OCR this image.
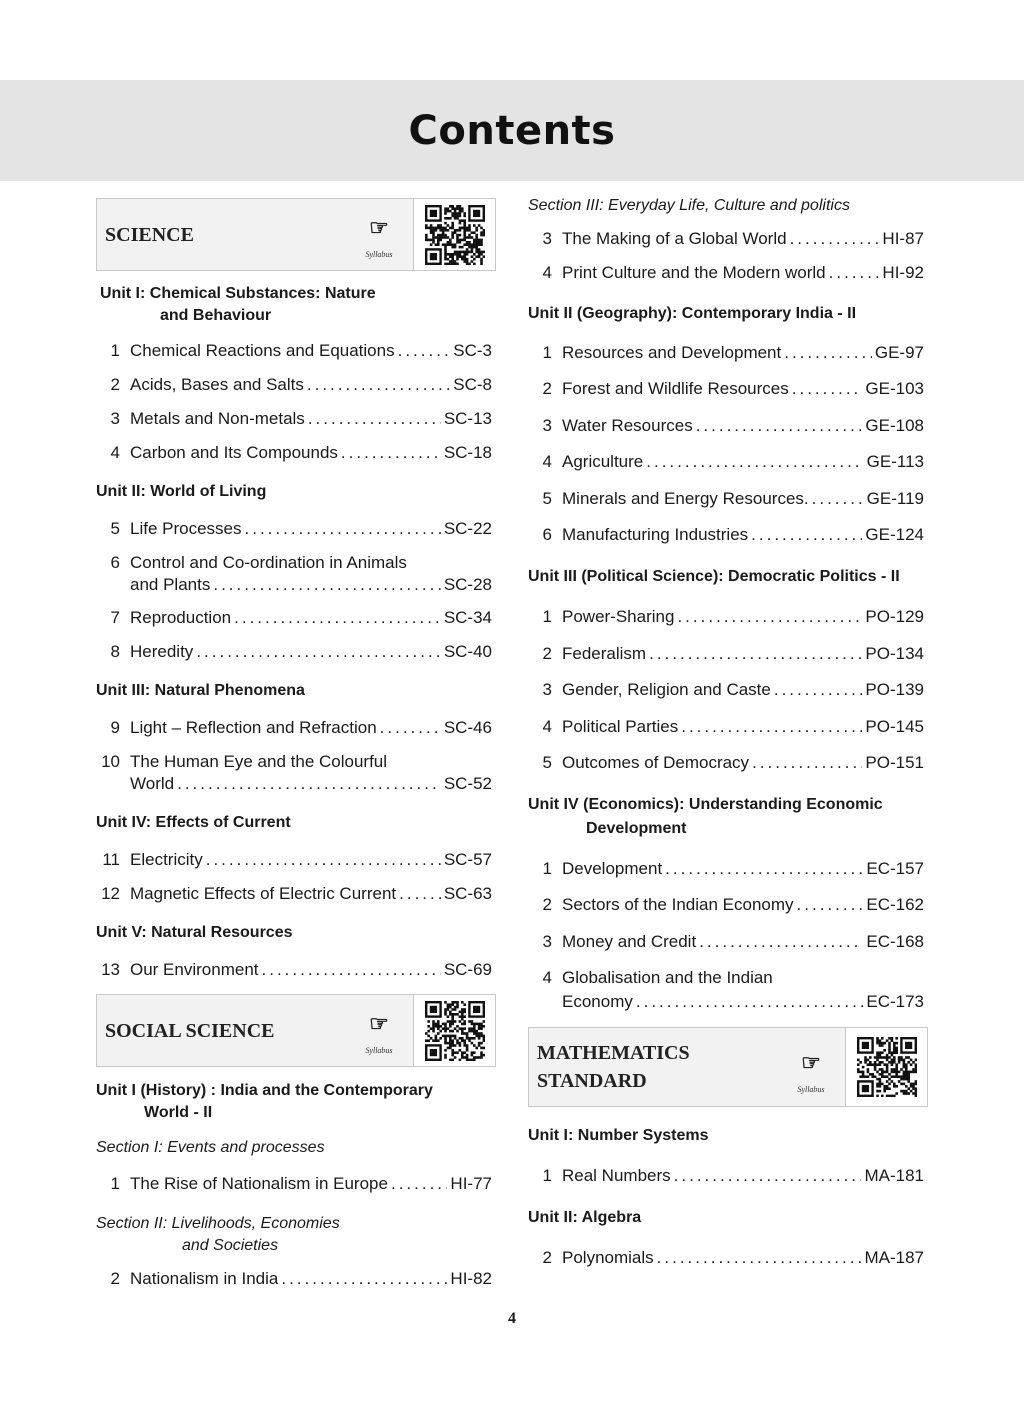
Contents
SCIENCE	☞
Syllabus
Unit I: Chemical Substances: Nature
and Behaviour
1 Chemical Reactions and Equations .....	SC-3
2 Acids, Bases and Salts .....	SC-8
3 Metals and Non-metals .....	SC-13
4 Carbon and Its Compounds .....	SC-18
Unit II: World of Living
5 Life Processes .....	SC-22
6 Control and Co-ordination in Animals
and Plants .....	SC-28
7 Reproduction .....	SC-34
8 Heredity .....	SC-40
Unit III: Natural Phenomena
9 Light – Reflection and Refraction .....	SC-46
10 The Human Eye and the Colourful
World .....	SC-52
Unit IV: Effects of Current
11 Electricity .....	SC-57
12 Magnetic Effects of Electric Current .....	SC-63
Unit V: Natural Resources
13 Our Environment .....	SC-69
SOCIAL SCIENCE	☞
Syllabus
Unit I (History) : India and the Contemporary
World - II
Section I: Events and processes
1 The Rise of Nationalism in Europe .....	HI-77
Section II: Livelihoods, Economies
and Societies
2 Nationalism in India .....	HI-82
Section III: Everyday Life, Culture and politics
3 The Making of a Global World .....	HI-87
4 Print Culture and the Modern world .....	HI-92
Unit II (Geography): Contemporary India - II
1 Resources and Development .....	GE-97
2 Forest and Wildlife Resources .....	GE-103
3 Water Resources .....	GE-108
4 Agriculture .....	GE-113
5 Minerals and Energy Resources. .....	GE-119
6 Manufacturing Industries .....	GE-124
Unit III (Political Science): Democratic Politics - II
1 Power-Sharing .....	PO-129
2 Federalism .....	PO-134
3 Gender, Religion and Caste .....	PO-139
4 Political Parties .....	PO-145
5 Outcomes of Democracy .....	PO-151
Unit IV (Economics): Understanding Economic
Development
1 Development .....	EC-157
2 Sectors of the Indian Economy .....	EC-162
3 Money and Credit .....	EC-168
4 Globalisation and the Indian
Economy .....	EC-173
MATHEMATICS
STANDARD
☞
Syllabus
Unit I: Number Systems
1 Real Numbers .....	MA-181
Unit II: Algebra
2 Polynomials .....	MA-187
4
